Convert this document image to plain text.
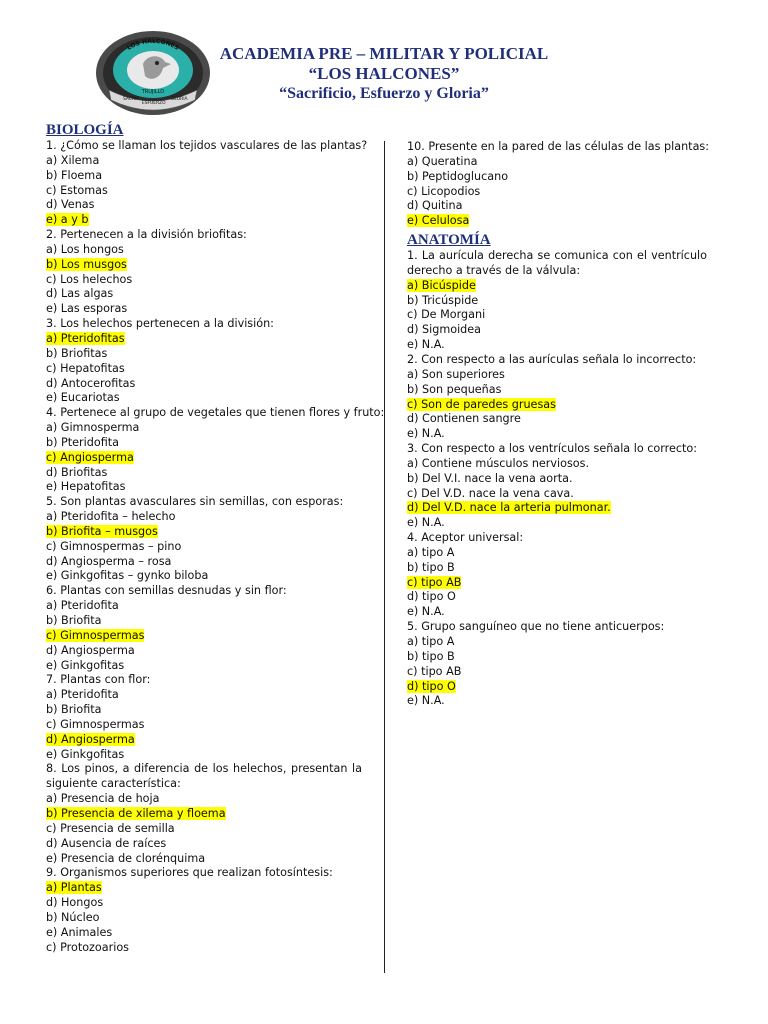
LOS HALCONES
TRUJILLO
SACRIF.
ESFUERZO
GLORIA
ACADEMIA PRE – MILITAR Y POLICIAL
“LOS HALCONES”
“Sacrificio, Esfuerzo y Gloria”
BIOLOGÍA
1. ¿Cómo se llaman los tejidos vasculares de las plantas?
a) Xilema
b) Floema
c) Estomas
d) Venas
e) a y b
2. Pertenecen a la división briofitas:
a) Los hongos
b) Los musgos
c) Los helechos
d) Las algas
e) Las esporas
3. Los helechos pertenecen a la división:
a) Pteridofitas
b) Briofitas
c) Hepatofitas
d) Antocerofitas
e) Eucariotas
4. Pertenece al grupo de vegetales que tienen flores y fruto:
a) Gimnosperma
b) Pteridofita
c) Angiosperma
d) Briofitas
e) Hepatofitas
5. Son plantas avasculares sin semillas, con esporas:
a) Pteridofita – helecho
b) Briofita – musgos
c) Gimnospermas – pino
d) Angiosperma – rosa
e) Ginkgofitas – gynko biloba
6. Plantas con semillas desnudas y sin flor:
a) Pteridofita
b) Briofita
c) Gimnospermas
d) Angiosperma
e) Ginkgofitas
7. Plantas con flor:
a) Pteridofita
b) Briofita
c) Gimnospermas
d) Angiosperma
e) Ginkgofitas
8. Los pinos, a diferencia de los helechos, presentan la siguiente característica:
a) Presencia de hoja
b) Presencia de xilema y floema
c) Presencia de semilla
d) Ausencia de raíces
e) Presencia de clorénquima
9. Organismos superiores que realizan fotosíntesis:
a) Plantas
d) Hongos
b) Núcleo
e) Animales
c) Protozoarios
10. Presente en la pared de las células de las plantas:
a) Queratina
b) Peptidoglucano
c) Licopodios
d) Quitina
e) Celulosa
ANATOMÍA
1. La aurícula derecha se comunica con el ventrículo derecho a través de la válvula:
a) Bicúspide
b) Tricúspide
c) De Morgani
d) Sigmoidea
e) N.A.
2. Con respecto a las aurículas señala lo incorrecto:
a) Son superiores
b) Son pequeñas
c) Son de paredes gruesas
d) Contienen sangre
e) N.A.
3. Con respecto a los ventrículos señala lo correcto:
a) Contiene músculos nerviosos.
b) Del V.I. nace la vena aorta.
c) Del V.D. nace la vena cava.
d) Del V.D. nace la arteria pulmonar.
e) N.A.
4. Aceptor universal:
a) tipo A
b) tipo B
c) tipo AB
d) tipo O
e) N.A.
5. Grupo sanguíneo que no tiene anticuerpos:
a) tipo A
b) tipo B
c) tipo AB
d) tipo O
e) N.A.
